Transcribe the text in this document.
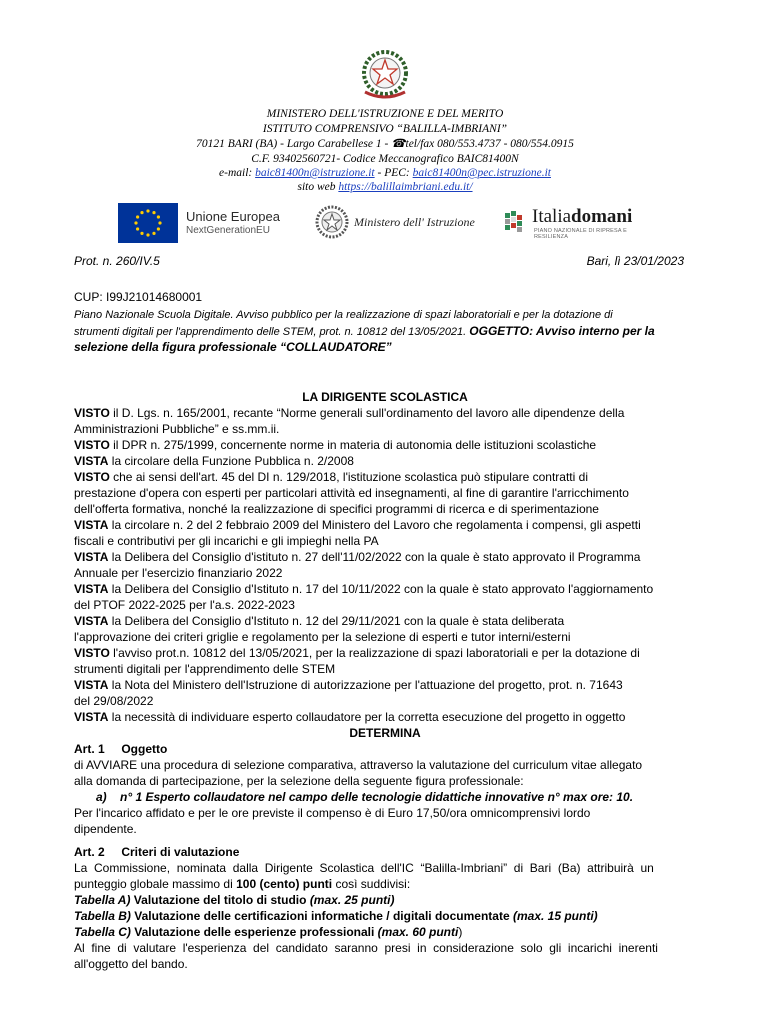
MINISTERO DELL'ISTRUZIONE E DEL MERITO
ISTITUTO COMPRENSIVO “BALILLA-IMBRIANI”
70121 BARI (BA) - Largo Carabellese 1 - ☎tel/fax 080/553.4737 - 080/554.0915
C.F. 93402560721- Codice Meccanografico BAIC81400N
e-mail: baic81400n@istruzione.it - PEC: baic81400n@pec.istruzione.it
sito web https://balillaimbriani.edu.it/
Unione Europea
NextGenerationEU
Ministero dell' Istruzione	Italiadomani
PIANO NAZIONALE DI RIPRESA E RESILIENZA
Prot. n. 260/IV.5	Bari, lì 23/01/2023
CUP: I99J21014680001
Piano Nazionale Scuola Digitale. Avviso pubblico per la realizzazione di spazi laboratoriali e per la dotazione di
strumenti digitali per l'apprendimento delle STEM, prot. n. 10812 del 13/05/2021. OGGETTO: Avviso interno per la
selezione della figura professionale “COLLAUDATORE”
LA DIRIGENTE SCOLASTICA
VISTO il D. Lgs. n. 165/2001, recante “Norme generali sull'ordinamento del lavoro alle dipendenze della
Amministrazioni Pubbliche” e ss.mm.ii.
VISTO il DPR n. 275/1999, concernente norme in materia di autonomia delle istituzioni scolastiche
VISTA la circolare della Funzione Pubblica n. 2/2008
VISTO che ai sensi dell'art. 45 del DI n. 129/2018, l'istituzione scolastica può stipulare contratti di
prestazione d'opera con esperti per particolari attività ed insegnamenti, al fine di garantire l'arricchimento
dell'offerta formativa, nonché la realizzazione di specifici programmi di ricerca e di sperimentazione
VISTA la circolare n. 2 del 2 febbraio 2009 del Ministero del Lavoro che regolamenta i compensi, gli aspetti
fiscali e contributivi per gli incarichi e gli impieghi nella PA
VISTA la Delibera del Consiglio d'istituto n. 27 dell'11/02/2022 con la quale è stato approvato il Programma
Annuale per l'esercizio finanziario 2022
VISTA la Delibera del Consiglio d'Istituto n. 17 del 10/11/2022 con la quale è stato approvato l'aggiornamento
del PTOF 2022-2025 per l'a.s. 2022-2023
VISTA la Delibera del Consiglio d'Istituto n. 12 del 29/11/2021 con la quale è stata deliberata
l'approvazione dei criteri griglie e regolamento per la selezione di esperti e tutor interni/esterni
VISTO l'avviso prot.n. 10812 del 13/05/2021, per la realizzazione di spazi laboratoriali e per la dotazione di
strumenti digitali per l'apprendimento delle STEM
VISTA la Nota del Ministero dell'Istruzione di autorizzazione per l'attuazione del progetto, prot. n. 71643
del 29/08/2022
VISTA la necessità di individuare esperto collaudatore per la corretta esecuzione del progetto in oggetto
DETERMINA
Art. 1     Oggetto
di AVVIARE una procedura di selezione comparativa, attraverso la valutazione del curriculum vitae allegato
alla domanda di partecipazione, per la selezione della seguente figura professionale:
a)    n° 1 Esperto collaudatore nel campo delle tecnologie didattiche innovative n° max ore: 10.
Per l'incarico affidato e per le ore previste il compenso è di Euro 17,50/ora omnicomprensivi lordo
dipendente.
Art. 2     Criteri di valutazione
La  Commissione,  nominata  dalla  Dirigente  Scolastica  dell'IC  “Balilla-Imbriani”  di  Bari  (Ba)  attribuirà  un
punteggio globale massimo di 100 (cento) punti così suddivisi:
Tabella A) Valutazione del titolo di studio (max. 25 punti)
Tabella B) Valutazione delle certificazioni informatiche / digitali documentate (max. 15 punti)
Tabella C) Valutazione delle esperienze professionali (max. 60 punti)
Al  fine  di  valutare  l'esperienza  del  candidato  saranno  presi  in  considerazione  solo  gli  incarichi  inerenti
all'oggetto del bando.
